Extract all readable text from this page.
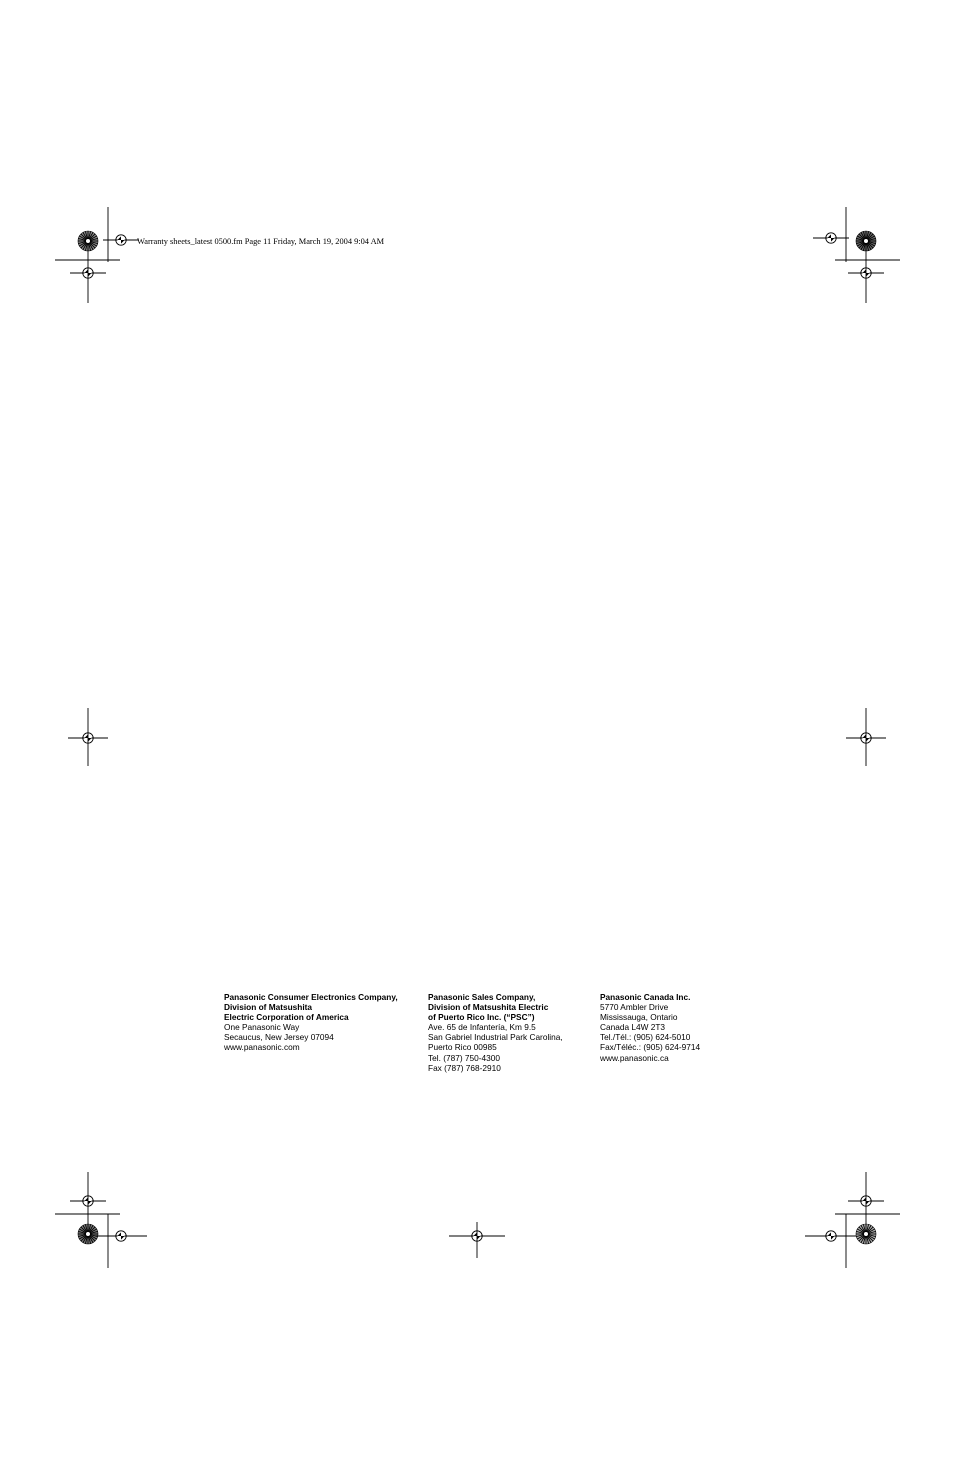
Warranty sheets_latest 0500.fm Page 11 Friday, March 19, 2004 9:04 AM
Panasonic Consumer Electronics Company,
Division of Matsushita
Electric Corporation of America
One Panasonic Way
Secaucus, New Jersey 07094
www.panasonic.com
Panasonic Sales Company,
Division of Matsushita Electric
of Puerto Rico Inc. (“PSC”)
Ave. 65 de Infantería, Km 9.5
San Gabriel Industrial Park Carolina,
Puerto Rico 00985
Tel. (787) 750-4300
Fax (787) 768-2910
Panasonic Canada Inc.
5770 Ambler Drive
Mississauga, Ontario
Canada L4W 2T3
Tel./Tél.: (905) 624-5010
Fax/Téléc.: (905) 624-9714
www.panasonic.ca
